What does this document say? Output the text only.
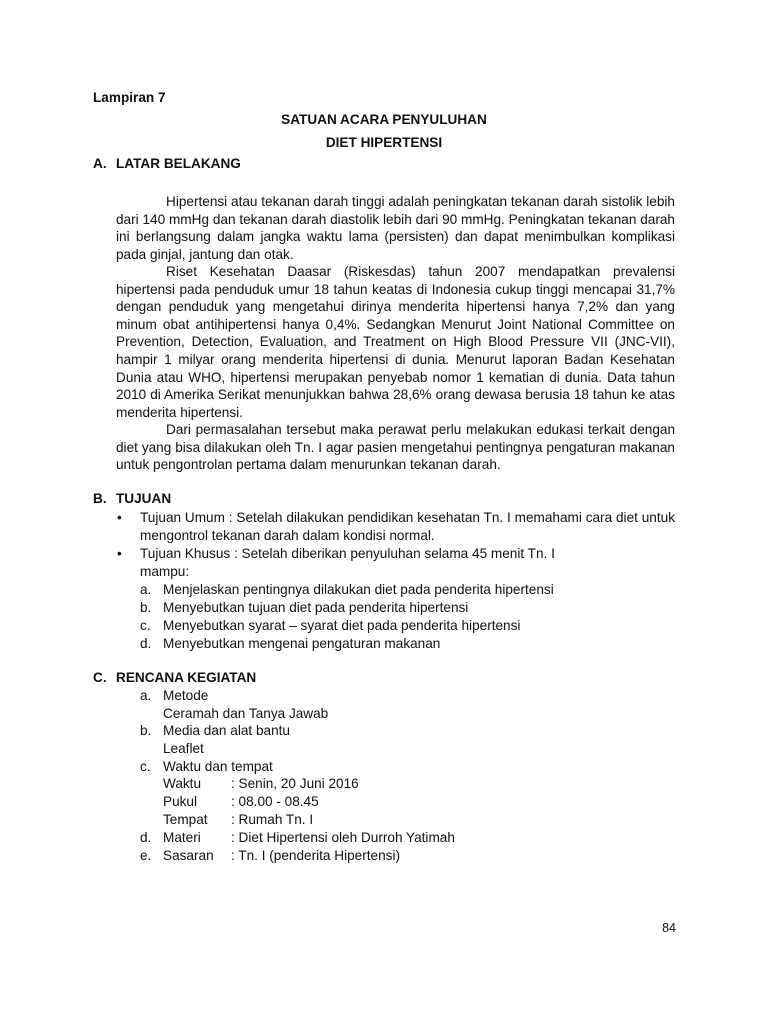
Lampiran 7
SATUAN ACARA PENYULUHAN
DIET HIPERTENSI
A. LATAR BELAKANG
Hipertensi atau tekanan darah tinggi adalah peningkatan tekanan darah sistolik lebih dari 140 mmHg dan tekanan darah diastolik lebih dari 90 mmHg. Peningkatan tekanan darah ini berlangsung dalam jangka waktu lama (persisten) dan dapat menimbulkan komplikasi pada ginjal, jantung dan otak.
Riset Kesehatan Daasar (Riskesdas) tahun 2007 mendapatkan prevalensi hipertensi pada penduduk umur 18 tahun keatas di Indonesia cukup tinggi mencapai 31,7% dengan penduduk yang mengetahui dirinya menderita hipertensi hanya 7,2% dan yang minum obat antihipertensi hanya 0,4%. Sedangkan Menurut Joint National Committee on Prevention, Detection, Evaluation, and Treatment on High Blood Pressure VII (JNC-VII), hampir 1 milyar orang menderita hipertensi di dunia. Menurut laporan Badan Kesehatan Dunia atau WHO, hipertensi merupakan penyebab nomor 1 kematian di dunia. Data tahun 2010 di Amerika Serikat menunjukkan bahwa 28,6% orang dewasa berusia 18 tahun ke atas menderita hipertensi.
Dari permasalahan tersebut maka perawat perlu melakukan edukasi terkait dengan diet yang bisa dilakukan oleh Tn. I agar pasien mengetahui pentingnya pengaturan makanan untuk pengontrolan pertama dalam menurunkan tekanan darah.
B. TUJUAN
• Tujuan Umum : Setelah dilakukan pendidikan kesehatan Tn. I memahami cara diet untuk mengontrol tekanan darah dalam kondisi normal.
• Tujuan Khusus : Setelah diberikan penyuluhan selama 45 menit Tn. I
mampu:
a. Menjelaskan pentingnya dilakukan diet pada penderita hipertensi
b. Menyebutkan tujuan diet pada penderita hipertensi
c. Menyebutkan syarat – syarat diet pada penderita hipertensi
d. Menyebutkan mengenai pengaturan makanan
C. RENCANA KEGIATAN
a. Metode
Ceramah dan Tanya Jawab
b. Media dan alat bantu
Leaflet
c. Waktu dan tempat
Waktu : Senin, 20 Juni 2016
Pukul : 08.00 - 08.45
Tempat : Rumah Tn. I
d. Materi : Diet Hipertensi oleh Durroh Yatimah
e. Sasaran : Tn. I (penderita Hipertensi)
84
